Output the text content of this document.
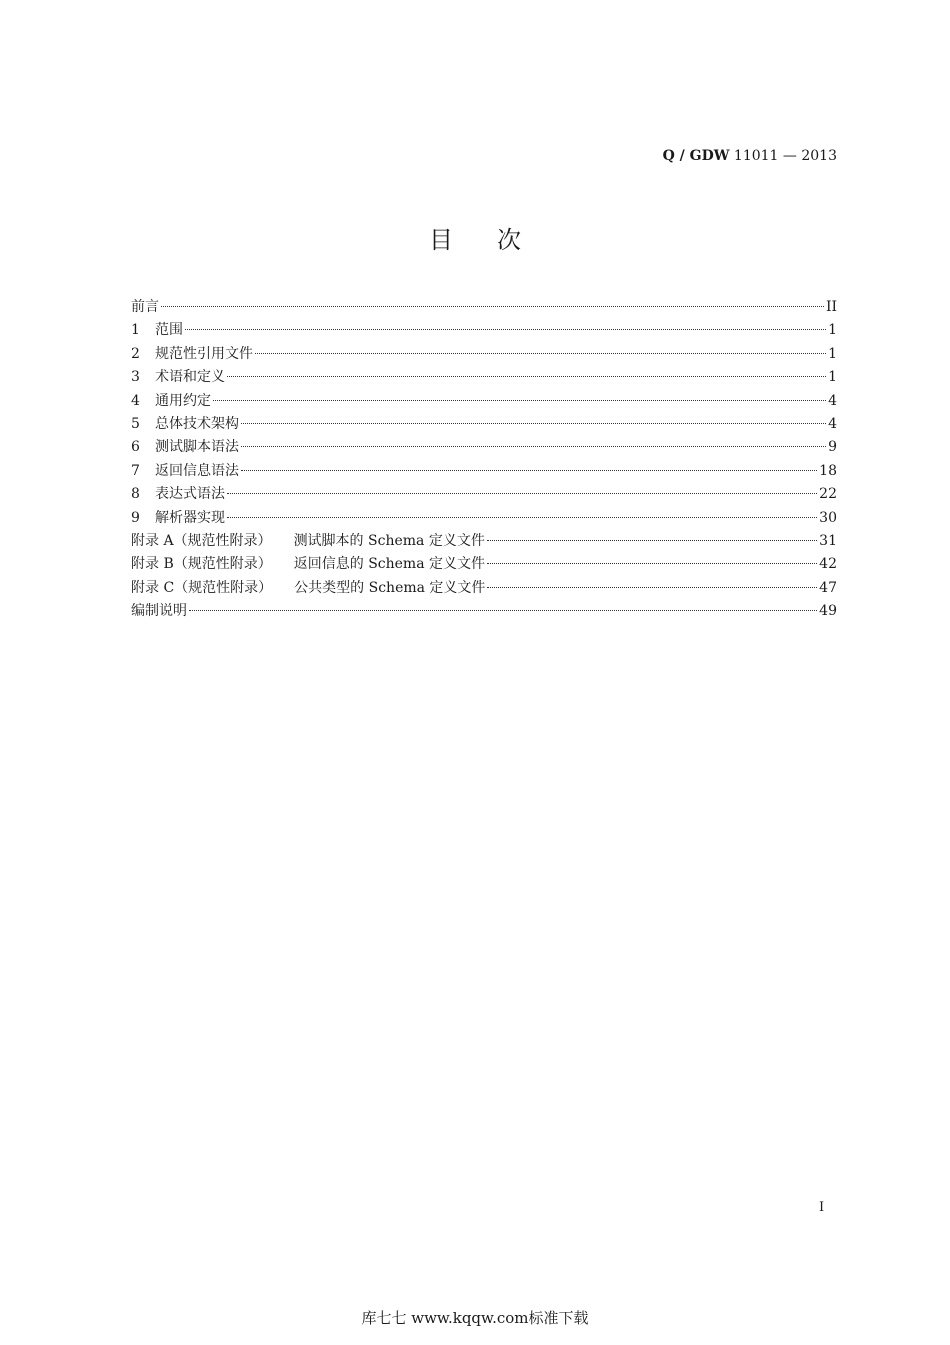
Q / GDW 11011 — 2013
目次
前言	II
1 范围	1
2 规范性引用文件	1
3 术语和定义	1
4 通用约定	4
5 总体技术架构	4
6 测试脚本语法	9
7 返回信息语法	18
8 表达式语法	22
9 解析器实现	30
附录 A（规范性附录） 测试脚本的 Schema 定义文件	31
附录 B（规范性附录） 返回信息的 Schema 定义文件	42
附录 C（规范性附录） 公共类型的 Schema 定义文件	47
编制说明	49
I
库七七 www.kqqw.com标准下载
